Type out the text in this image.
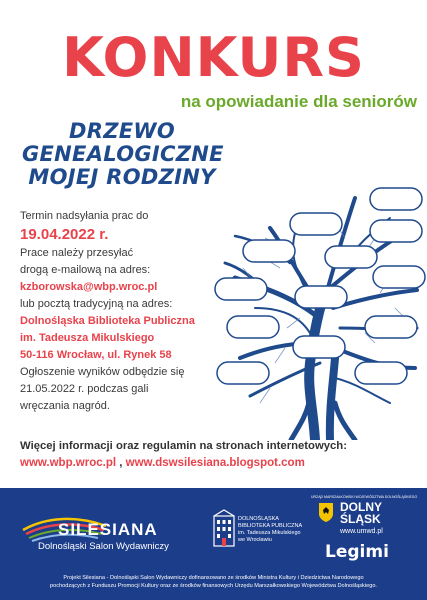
KONKURS
na opowiadanie dla seniorów
DRZEWO
GENEALOGICZNE
MOJEJ RODZINY
Termin nadsyłania prac do
19.04.2022 r.
Prace należy przesyłać
drogą e-mailową na adres:
kzborowska@wbp.wroc.pl
lub pocztą tradycyjną na adres:
Dolnośląska Biblioteka Publiczna
im. Tadeusza Mikulskiego
50-116 Wrocław, ul. Rynek 58
Ogłoszenie wyników odbędzie się
21.05.2022 r. podczas gali
wręczania nagród.
Więcej informacji oraz regulamin na stronach internetowych:
www.wbp.wroc.pl , www.dswsilesiana.blogspot.com
SILESIANA
Dolnośląski Salon Wydawniczy
DOLNOŚLĄSKA
BIBLIOTEKA PUBLICZNA
im. Tadeusza Mikulskiego
we Wrocławiu
URZĄD MARSZAŁKOWSKI WOJEWÓDZTWA DOLNOŚLĄSKIEGO
DOLNY
ŚLĄSK
www.umwd.pl
Legimi
Projekt Silesiana - Dolnośląski Salon Wydawniczy dofinansowano ze środków Ministra Kultury i Dziedzictwa Narodowego
pochodzących z Funduszu Promocji Kultury oraz ze środków finansowych Urzędu Marszałkowskiego Województwa Dolnośląskiego.
